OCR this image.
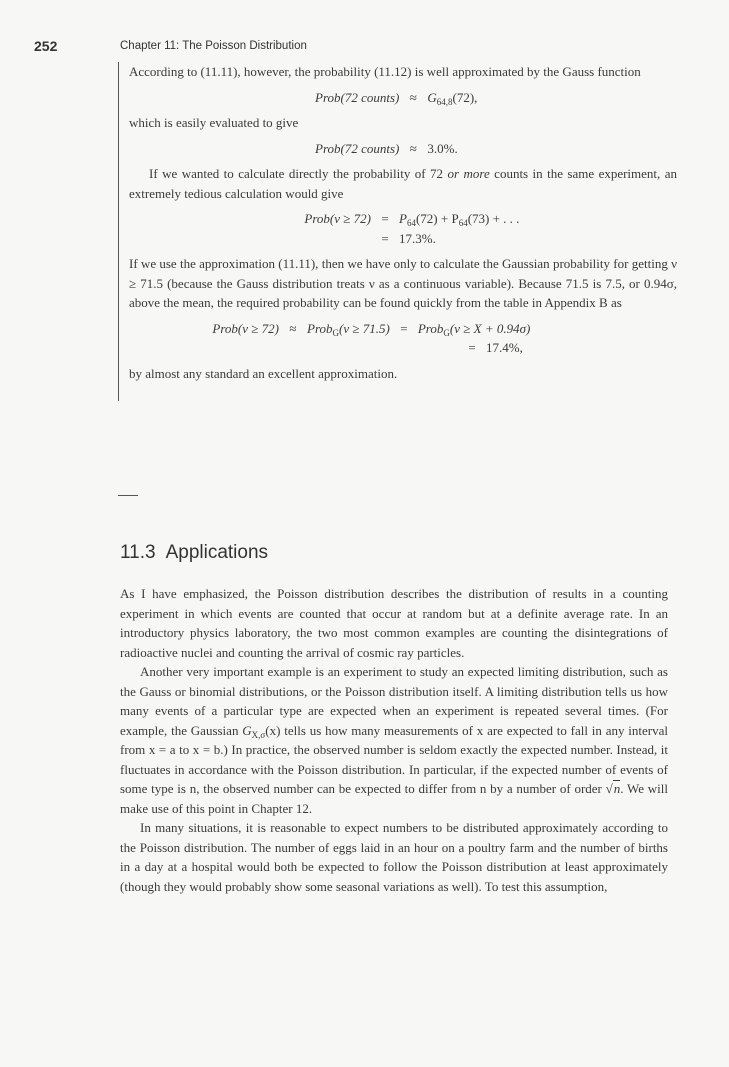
252	Chapter 11: The Poisson Distribution

According to (11.11), however, the probability (11.12) is well approximated by the Gauss function

Prob(72 counts) ≈ $G_{64,8}(72)$,

which is easily evaluated to give

Prob(72 counts) ≈ 3.0%.

If we wanted to calculate directly the probability of 72 or more counts in the same experiment, an extremely tedious calculation would give

Prob(ν ≥ $72) = P_{64}(72) + P_{64}(73)$ + . . .
= 17.3%.

If we use the approximation (11.11), then we have only to calculate the Gaussian probability for getting ν ≥ 71.5 (because the Gauss distribution treats ν as a continuous variable). Because 71.5 is 7.5, or 0.94σ, above the mean, the required probability can be found quickly from the table in Appendix B as

Prob(ν ≥ 72) ≈ Prob$_G$(ν ≥ 71.5) = Prob$_G$(ν ≥ X + 0.94σ)
= 17.4%,

by almost any standard an excellent approximation.

11.3 Applications

As I have emphasized, the Poisson distribution describes the distribution of results in a counting experiment in which events are counted that occur at random but at a definite average rate. In an introductory physics laboratory, the two most common examples are counting the disintegrations of radioactive nuclei and counting the arrival of cosmic ray particles.

Another very important example is an experiment to study an expected limiting distribution, such as the Gauss or binomial distributions, or the Poisson distribution itself. A limiting distribution tells us how many events of a particular type are expected when an experiment is repeated several times. (For example, the Gaussian $G_{X,\sigma}(x)$ tells us how many measurements of x are expected to fall in any interval from x = a to x = b.) In practice, the observed number is seldom exactly the expected number. Instead, it fluctuates in accordance with the Poisson distribution. In particular, if the expected number of events of some type is n, the observed number can be expected to differ from n by a number of order √n. We will make use of this point in Chapter 12.

In many situations, it is reasonable to expect numbers to be distributed approximately according to the Poisson distribution. The number of eggs laid in an hour on a poultry farm and the number of births in a day at a hospital would both be expected to follow the Poisson distribution at least approximately (though they would probably show some seasonal variations as well). To test this assumption,
